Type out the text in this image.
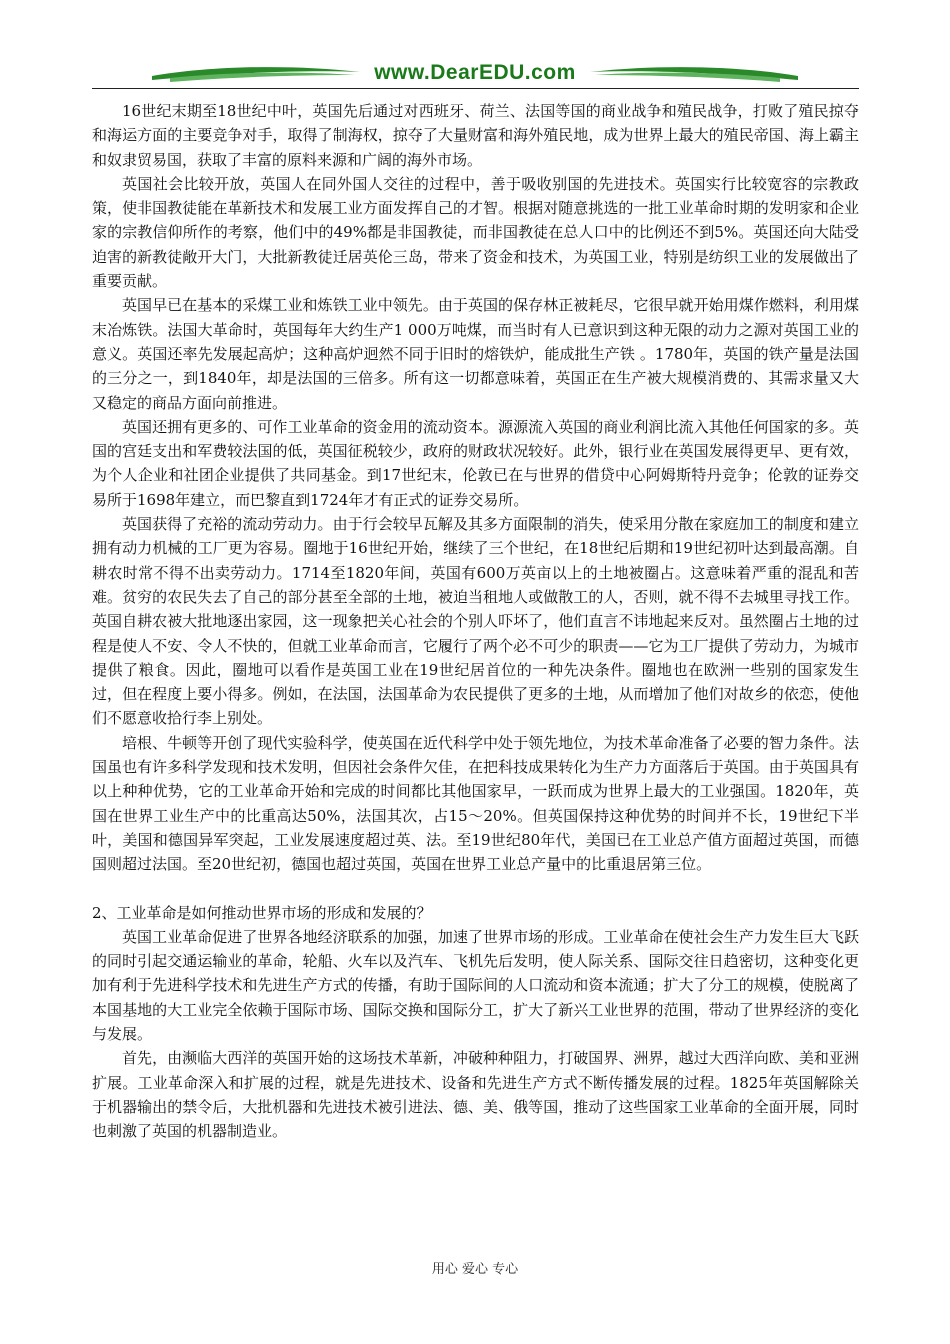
www.DearEDU.com

16世纪末期至18世纪中叶，英国先后通过对西班牙、荷兰、法国等国的商业战争和殖民战争，打败了殖民掠夺和海运方面的主要竞争对手，取得了制海权，掠夺了大量财富和海外殖民地，成为世界上最大的殖民帝国、海上霸主和奴隶贸易国，获取了丰富的原料来源和广阔的海外市场。

英国社会比较开放，英国人在同外国人交往的过程中，善于吸收别国的先进技术。英国实行比较宽容的宗教政策，使非国教徒能在革新技术和发展工业方面发挥自己的才智。根据对随意挑选的一批工业革命时期的发明家和企业家的宗教信仰所作的考察，他们中的49%都是非国教徒，而非国教徒在总人口中的比例还不到5%。英国还向大陆受迫害的新教徒敞开大门，大批新教徒迁居英伦三岛，带来了资金和技术，为英国工业，特别是纺织工业的发展做出了重要贡献。

英国早已在基本的采煤工业和炼铁工业中领先。由于英国的保存林正被耗尽，它很早就开始用煤作燃料，利用煤末冶炼铁。法国大革命时，英国每年大约生产1 000万吨煤，而当时有人已意识到这种无限的动力之源对英国工业的意义。英国还率先发展起高炉；这种高炉迥然不同于旧时的熔铁炉，能成批生产铁 。1780年，英国的铁产量是法国的三分之一，到1840年，却是法国的三倍多。所有这一切都意味着，英国正在生产被大规模消费的、其需求量又大又稳定的商品方面向前推进。

英国还拥有更多的、可作工业革命的资金用的流动资本。源源流入英国的商业利润比流入其他任何国家的多。英国的宫廷支出和军费较法国的低，英国征税较少，政府的财政状况较好。此外，银行业在英国发展得更早、更有效，为个人企业和社团企业提供了共同基金。到17世纪末，伦敦已在与世界的借贷中心阿姆斯特丹竞争；伦敦的证券交易所于1698年建立，而巴黎直到1724年才有正式的证券交易所。

英国获得了充裕的流动劳动力。由于行会较早瓦解及其多方面限制的消失，使采用分散在家庭加工的制度和建立拥有动力机械的工厂更为容易。圈地于16世纪开始，继续了三个世纪，在18世纪后期和19世纪初叶达到最高潮。自耕农时常不得不出卖劳动力。1714至1820年间，英国有600万英亩以上的土地被圈占。这意味着严重的混乱和苦难。贫穷的农民失去了自己的部分甚至全部的土地，被迫当租地人或做散工的人，否则，就不得不去城里寻找工作。英国自耕农被大批地逐出家园，这一现象把关心社会的个别人吓坏了，他们直言不讳地起来反对。虽然圈占土地的过程是使人不安、令人不快的，但就工业革命而言，它履行了两个必不可少的职责——它为工厂提供了劳动力，为城市提供了粮食。因此，圈地可以看作是英国工业在19世纪居首位的一种先决条件。圈地也在欧洲一些别的国家发生过，但在程度上要小得多。例如，在法国，法国革命为农民提供了更多的土地，从而增加了他们对故乡的依恋，使他们不愿意收拾行李上别处。

培根、牛顿等开创了现代实验科学，使英国在近代科学中处于领先地位，为技术革命准备了必要的智力条件。法国虽也有许多科学发现和技术发明，但因社会条件欠佳，在把科技成果转化为生产力方面落后于英国。由于英国具有以上种种优势，它的工业革命开始和完成的时间都比其他国家早，一跃而成为世界上最大的工业强国。1820年，英国在世界工业生产中的比重高达50%，法国其次，占15～20%。但英国保持这种优势的时间并不长，19世纪下半叶，美国和德国异军突起，工业发展速度超过英、法。至19世纪80年代，美国已在工业总产值方面超过英国，而德国则超过法国。至20世纪初，德国也超过英国，英国在世界工业总产量中的比重退居第三位。

2、工业革命是如何推动世界市场的形成和发展的？

英国工业革命促进了世界各地经济联系的加强，加速了世界市场的形成。工业革命在使社会生产力发生巨大飞跃的同时引起交通运输业的革命，轮船、火车以及汽车、飞机先后发明，使人际关系、国际交往日趋密切，这种变化更加有利于先进科学技术和先进生产方式的传播，有助于国际间的人口流动和资本流通；扩大了分工的规模，使脱离了本国基地的大工业完全依赖于国际市场、国际交换和国际分工，扩大了新兴工业世界的范围，带动了世界经济的变化与发展。

首先，由濒临大西洋的英国开始的这场技术革新，冲破种种阻力，打破国界、洲界，越过大西洋向欧、美和亚洲扩展。工业革命深入和扩展的过程，就是先进技术、设备和先进生产方式不断传播发展的过程。1825年英国解除关于机器输出的禁令后，大批机器和先进技术被引进法、德、美、俄等国，推动了这些国家工业革命的全面开展，同时也刺激了英国的机器制造业。

用心 爱心 专心
